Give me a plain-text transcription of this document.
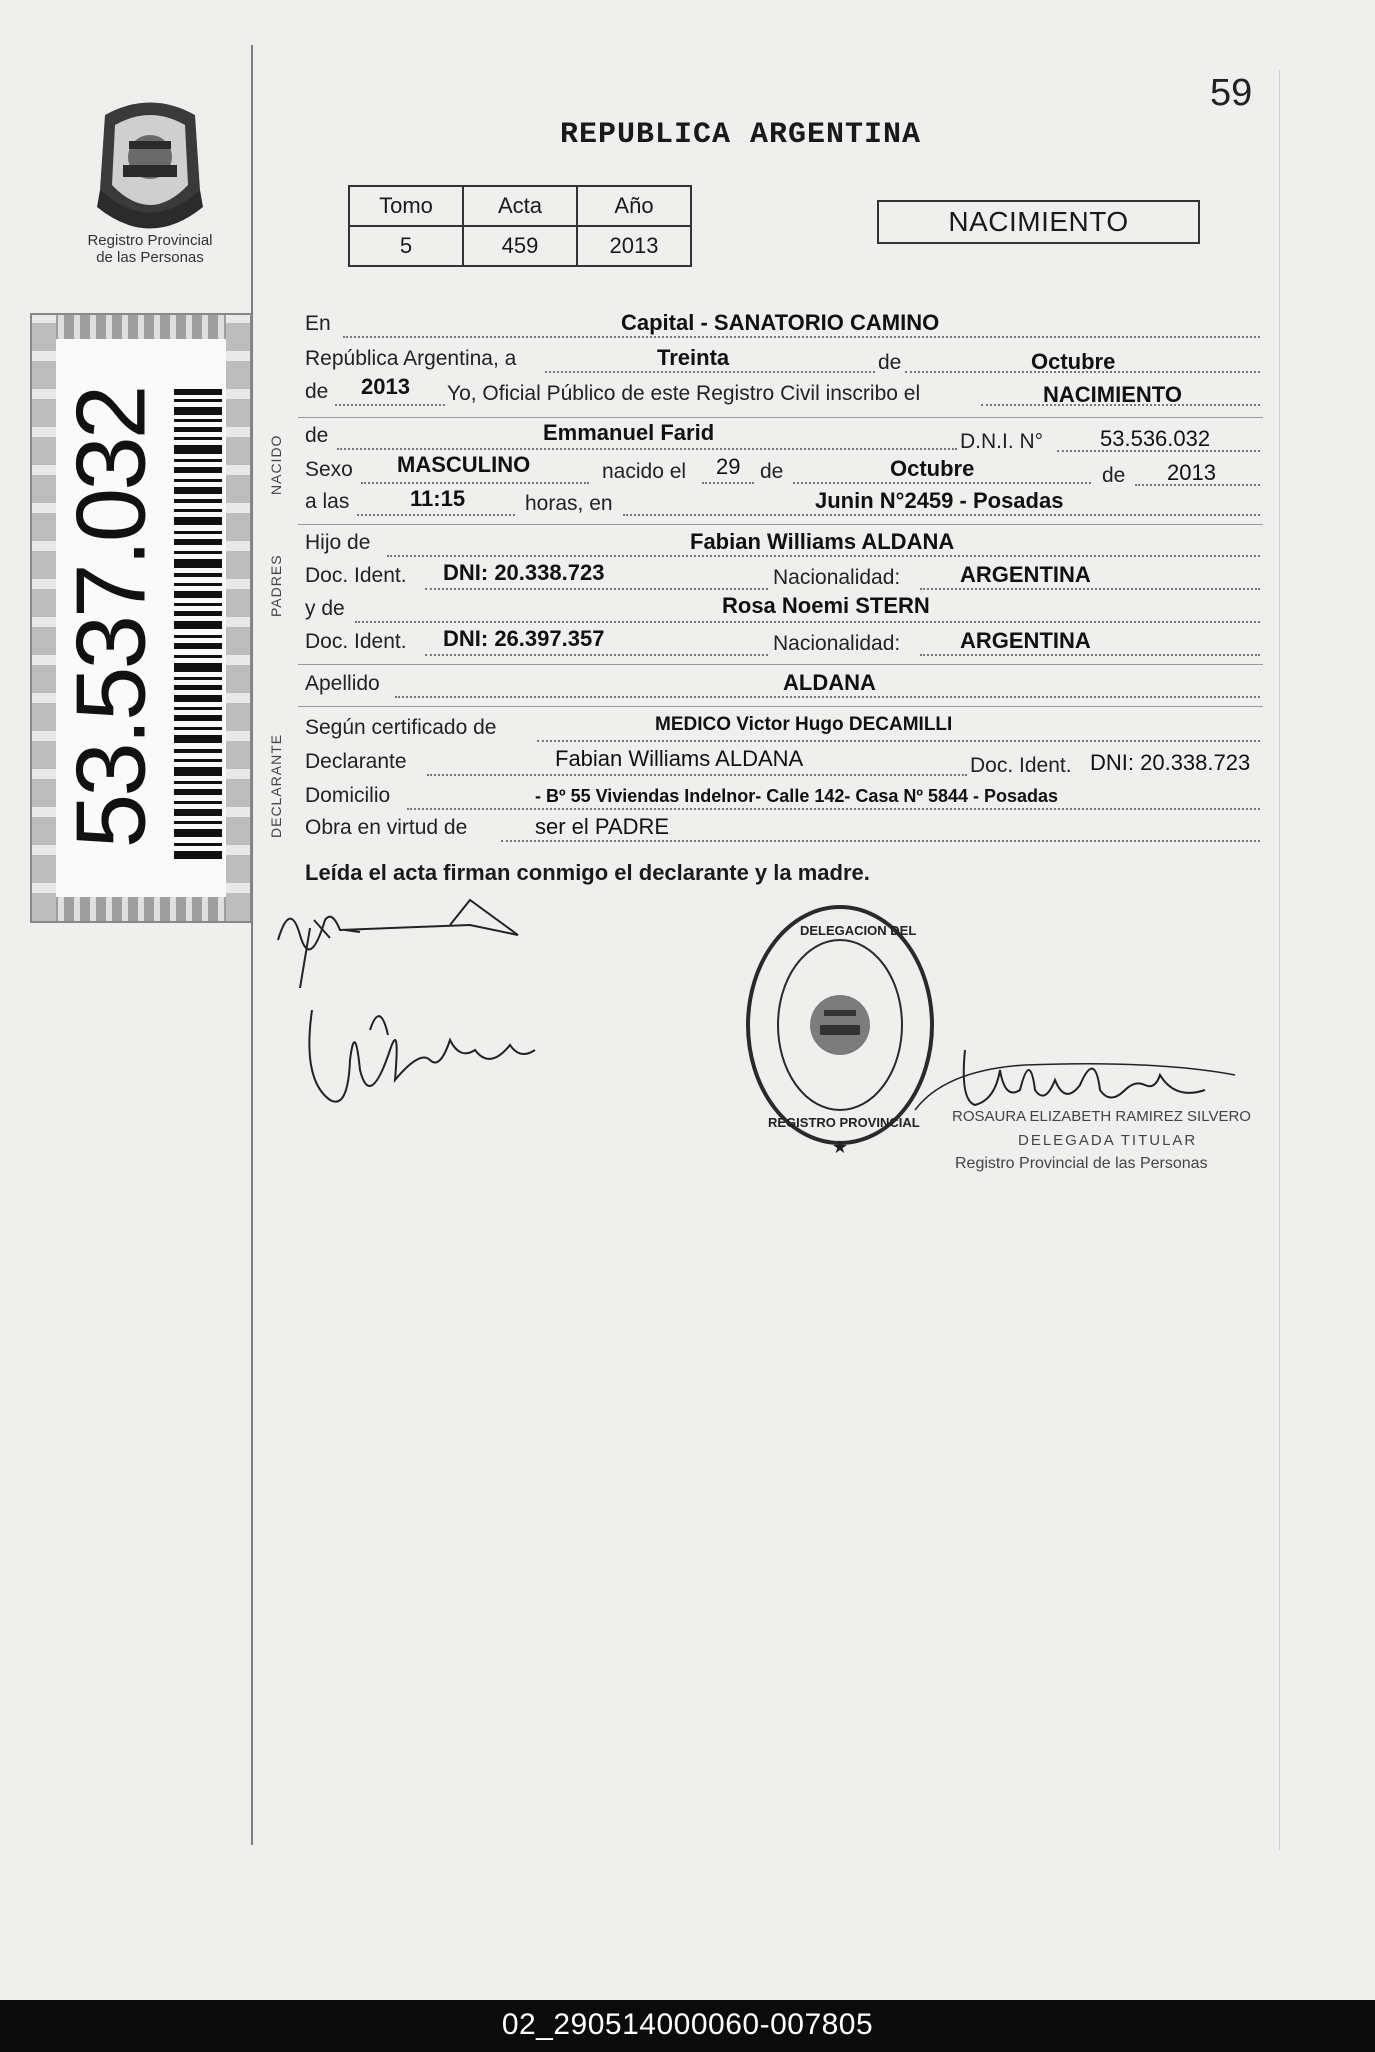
Registro Provincial
de las Personas
53.537.032	NACIDO
PADRES
DECLARANTE
59
REPUBLICA ARGENTINA
Tomo	Acta	Año
5	459	2013
NACIMIENTO
En	Capital - SANATORIO CAMINO
República Argentina, a	Treinta	de	Octubre
de 2013 Yo, Oficial Público de este Registro Civil inscribo el	NACIMIENTO
de	Emmanuel Farid	D.N.I. N°	53.536.032
Sexo MASCULINO	nacido el 29 de	Octubre	de 2013
a las	11:15	horas, en	Junin N°2459 - Posadas
Hijo de	Fabian Williams ALDANA
Doc. Ident. DNI: 20.338.723	Nacionalidad:	ARGENTINA
y de	Rosa Noemi STERN
Doc. Ident. DNI: 26.397.357	Nacionalidad:	ARGENTINA
Apellido	ALDANA
Según certificado de	MEDICO Victor Hugo DECAMILLI
Declarante	Fabian Williams ALDANA	Doc. Ident. DNI: 20.338.723
Domicilio	- Bº 55 Viviendas Indelnor- Calle 142- Casa Nº 5844 - Posadas
Obra en virtud de	ser el PADRE
Leída el acta firman conmigo el declarante y la madre.
DELEGACION DEL
REGISTRO PROVINCIAL
★
ROSAURA ELIZABETH RAMIREZ SILVERO
DELEGADA TITULAR
Registro Provincial de las Personas
02_290514000060-007805
